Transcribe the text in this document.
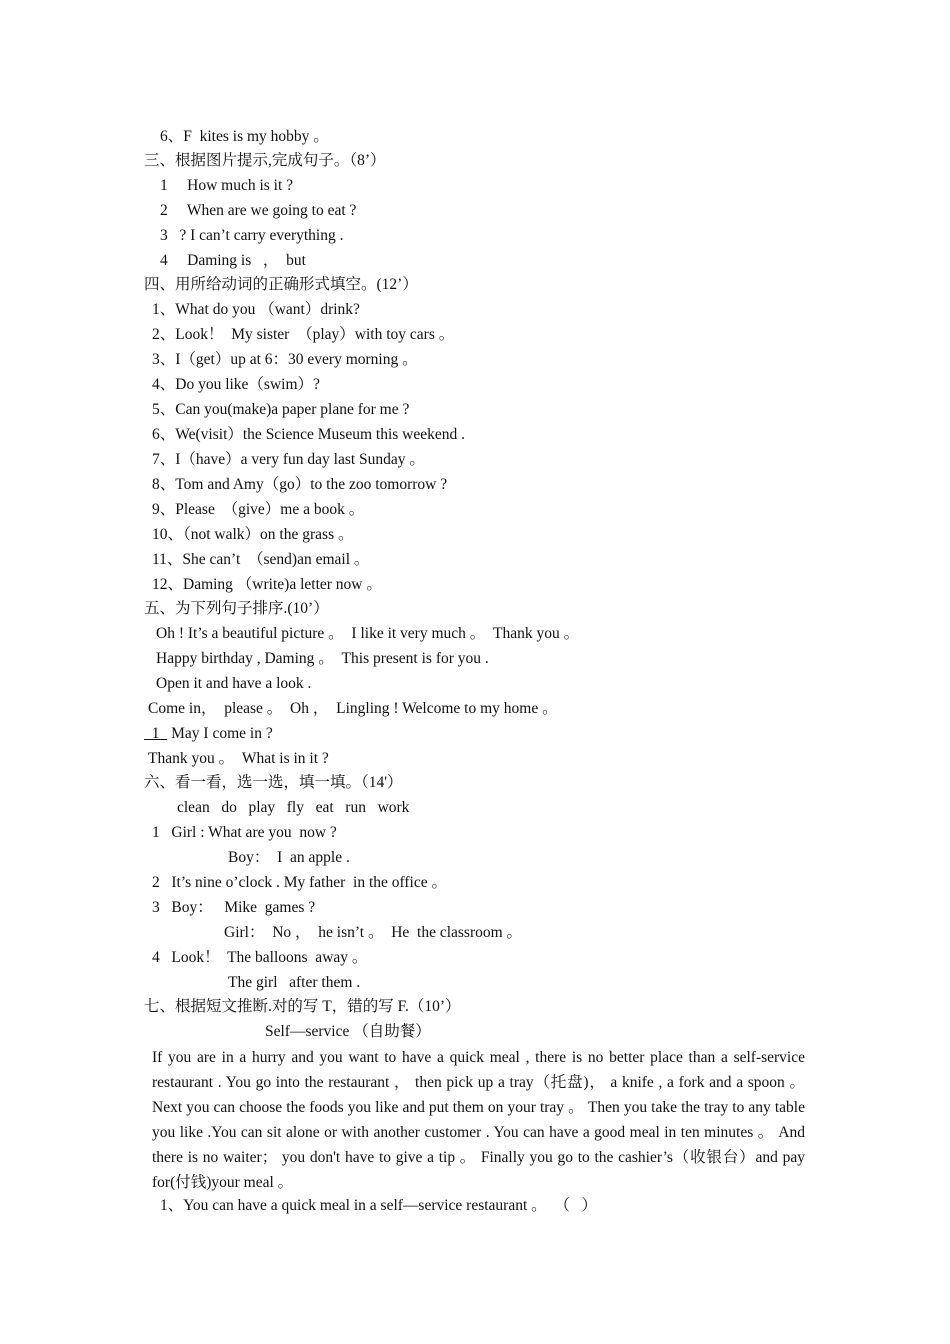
6、F  kites is my hobby 。
三、根据图片提示,完成句子。（8’）
1     How much is it ?
2     When are we going to eat ?
3   ? I can’t carry everything .
4     Daming is   ，  but
四、用所给动词的正确形式填空。(12’）
1、What do you （want）drink?
2、Look！  My sister  （play）with toy cars 。
3、I（get）up at 6：30 every morning 。
4、Do you like（swim）?
5、Can you(make)a paper plane for me ?
6、We(visit）the Science Museum this weekend .
7、I（have）a very fun day last Sunday 。
8、Tom and Amy（go）to the zoo tomorrow ?
9、Please  （give）me a book 。
10、（not walk）on the grass 。
11、She can’t  （send)an email 。
12、Daming （write)a letter now 。
五、为下列句子排序.(10’）
Oh ! It’s a beautiful picture 。  I like it very much 。  Thank you 。
Happy birthday , Daming 。  This present is for you .
Open it and have a look .
Come in，  please 。  Oh ，  Lingling ! Welcome to my home 。
1   May I come in ?
Thank you 。  What is in it ?
六、看一看，选一选，填一填。（14'）
clean   do   play   fly   eat   run   work
1   Girl : What are you  now ?
Boy：  I  an apple .
2   It’s nine o’clock . My father  in the office 。
3   Boy：   Mike  games ?
Girl：  No ，  he isn’t 。  He  the classroom 。
4   Look！  The balloons  away 。
The girl   after them .
七、根据短文推断.对的写 T，错的写 F.（10’）
Self—service （自助餐）
If you are in a hurry and you want to have a quick meal , there is no better place than a self-service restaurant . You go into the restaurant ， then pick up a tray（托盘)， a knife , a fork and a spoon 。 Next you can choose the foods you like and put them on your tray 。 Then you take the tray to any table you like .You can sit alone or with another customer . You can have a good meal in ten minutes 。 And there is no waiter； you don't have to give a tip 。 Finally you go to the cashier’s（收银台）and pay for(付钱)your meal 。
1、You can have a quick meal in a self—service restaurant 。  （   ）
